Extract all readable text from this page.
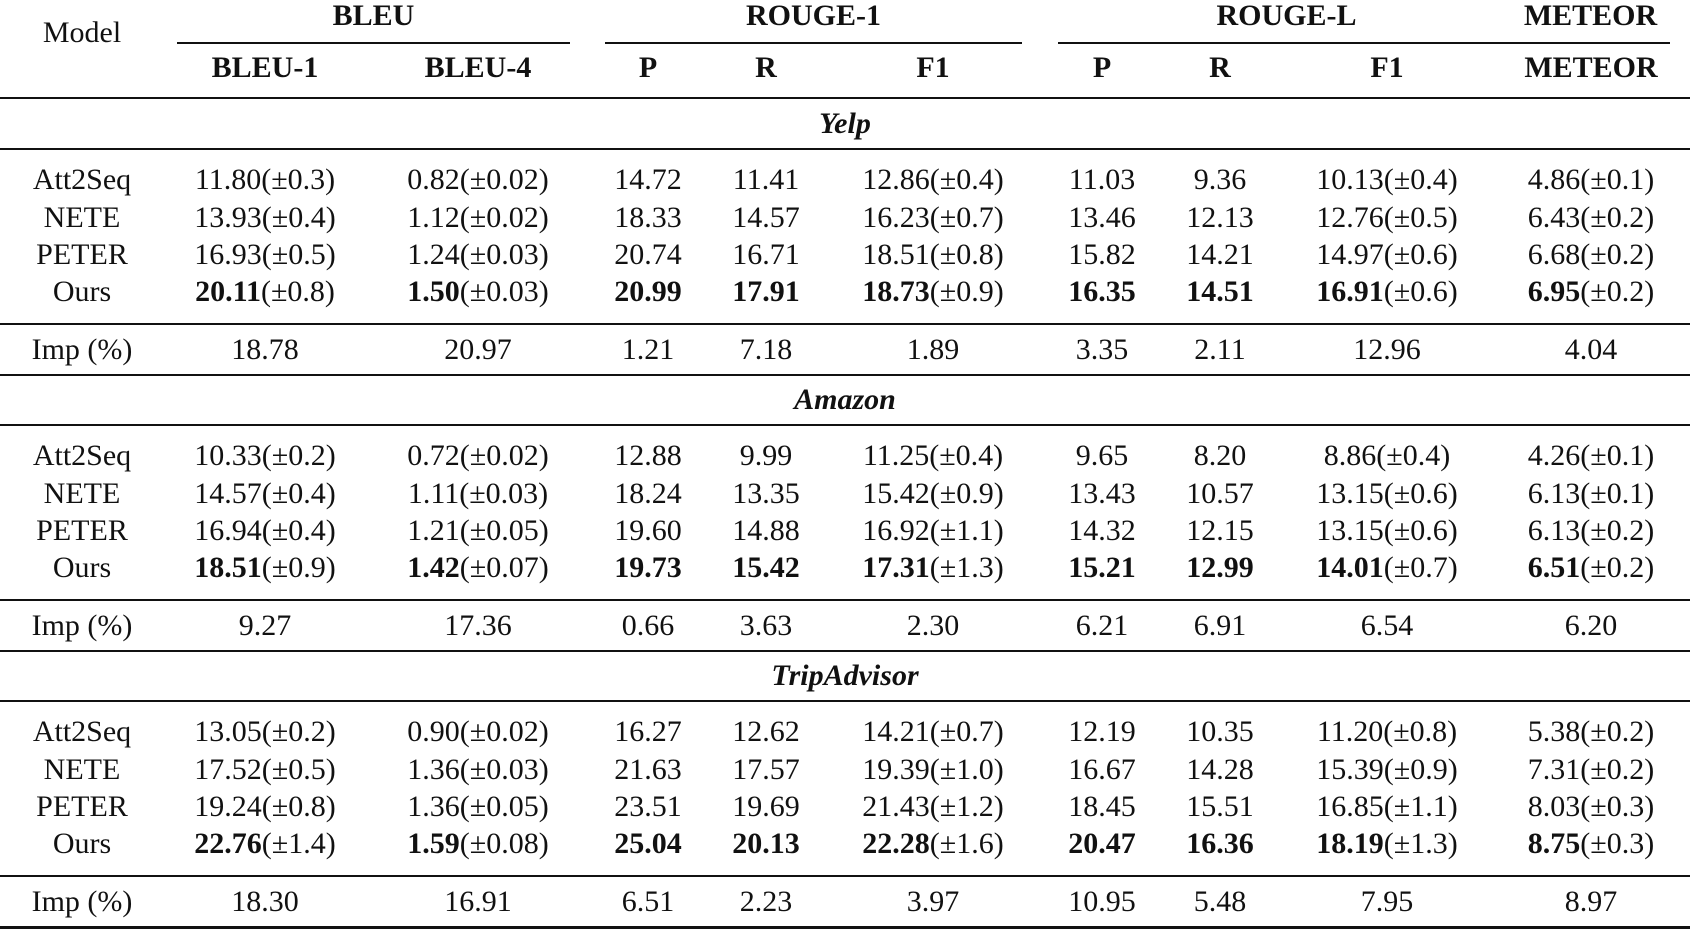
Model
BLEU	ROUGE-1	ROUGE-L	METEOR
BLEU-1	BLEU-4	P	R	F1	P	R	F1	METEOR
Yelp
Att2Seq 11.80(±0.3) 0.82(±0.02) 14.72 11.41 12.86(±0.4) 11.03 9.36 10.13(±0.4) 4.86(±0.1)
NETE 13.93(±0.4) 1.12(±0.02) 18.33 14.57 16.23(±0.7) 13.46 12.13 12.76(±0.5) 6.43(±0.2)
PETER 16.93(±0.5) 1.24(±0.03) 20.74 16.71 18.51(±0.8) 15.82 14.21 14.97(±0.6) 6.68(±0.2)
Ours	20.11(±0.8) 1.50(±0.03) 20.99 17.91 18.73(±0.9) 16.35 14.51 16.91(±0.6) 6.95(±0.2)
Imp (%)	18.78	20.97	1.21 7.18	1.89	3.35 2.11	12.96	4.04
Amazon
Att2Seq 10.33(±0.2) 0.72(±0.02) 12.88 9.99 11.25(±0.4) 9.65 8.20	8.86(±0.4)	4.26(±0.1)
NETE 14.57(±0.4) 1.11(±0.03) 18.24 13.35 15.42(±0.9) 13.43 10.57 13.15(±0.6) 6.13(±0.1)
PETER 16.94(±0.4) 1.21(±0.05) 19.60 14.88 16.92(±1.1) 14.32 12.15 13.15(±0.6) 6.13(±0.2)
Ours	18.51(±0.9) 1.42(±0.07) 19.73 15.42 17.31(±1.3) 15.21 12.99 14.01(±0.7) 6.51(±0.2)
Imp (%)	9.27	17.36	0.66 3.63	2.30	6.21 6.91	6.54	6.20
TripAdvisor
Att2Seq 13.05(±0.2) 0.90(±0.02) 16.27 12.62 14.21(±0.7) 12.19 10.35 11.20(±0.8) 5.38(±0.2)
NETE 17.52(±0.5) 1.36(±0.03) 21.63 17.57 19.39(±1.0) 16.67 14.28 15.39(±0.9) 7.31(±0.2)
PETER 19.24(±0.8) 1.36(±0.05) 23.51 19.69 21.43(±1.2) 18.45 15.51 16.85(±1.1) 8.03(±0.3)
Ours	22.76(±1.4) 1.59(±0.08) 25.04 20.13 22.28(±1.6) 20.47 16.36 18.19(±1.3) 8.75(±0.3)
Imp (%)	18.30	16.91	6.51 2.23	3.97	10.95 5.48	7.95	8.97
